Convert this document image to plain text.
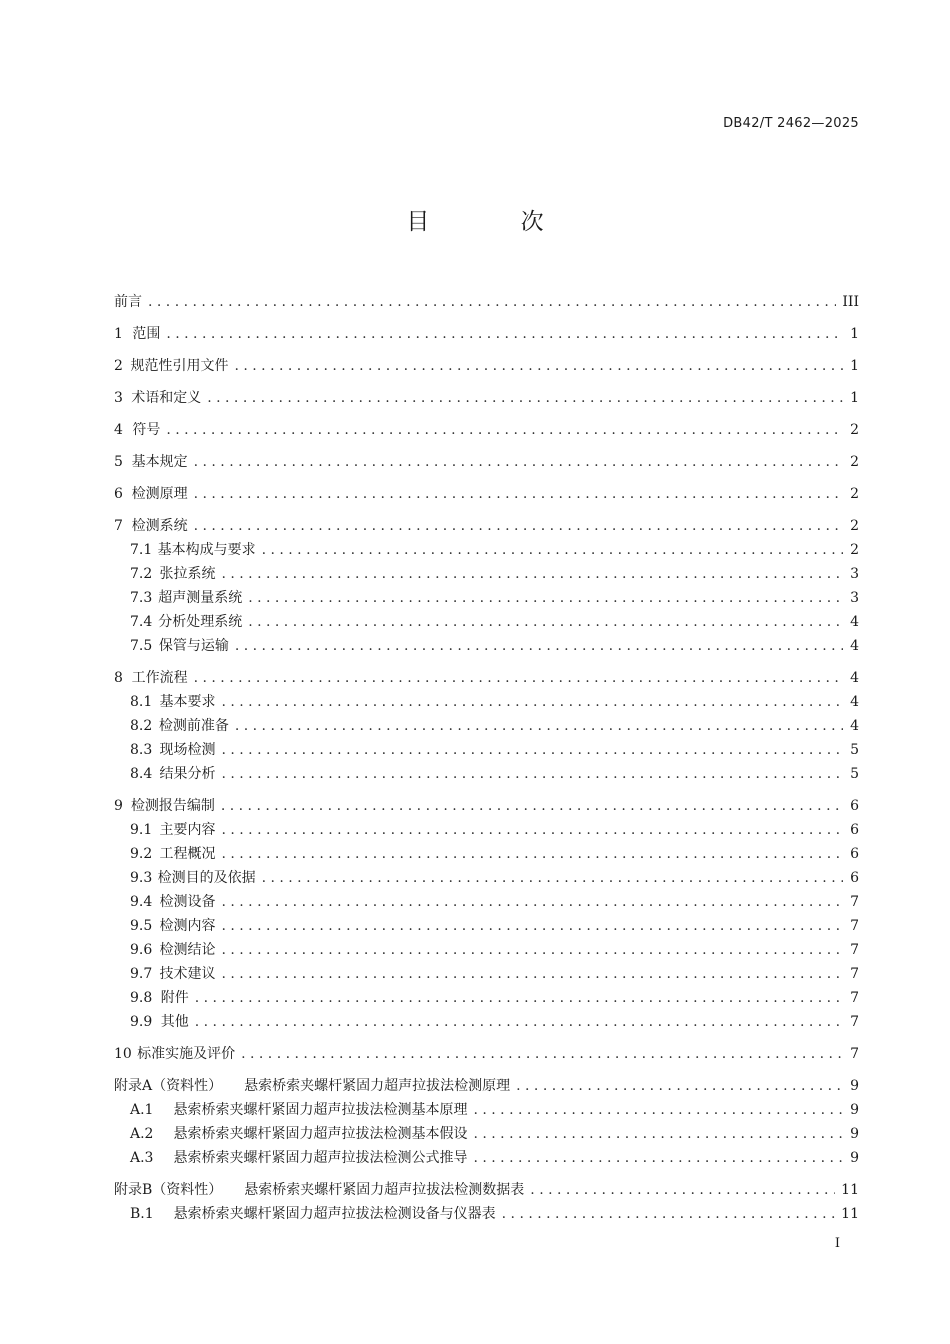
DB42/T 2462—2025
目 次
前言 . . .	III
1 范围 . . .	1
2 规范性引用文件 . . .	1
3 术语和定义 . . .	1
4 符号 . . .	2
5 基本规定 . . .	2
6 检测原理 . . .	2
7 检测系统 . . .	2
7.1 基本构成与要求 . . .	2
7.2 张拉系统 . . .	3
7.3 超声测量系统 . . .	3
7.4 分析处理系统 . . .	4
7.5 保管与运输 . . .	4
8 工作流程 . . .	4
8.1 基本要求 . . .	4
8.2 检测前准备 . . .	4
8.3 现场检测 . . .	5
8.4 结果分析 . . .	5
9 检测报告编制 . . .	6
9.1 主要内容 . . .	6
9.2 工程概况 . . .	6
9.3 检测目的及依据 . . .	6
9.4 检测设备 . . .	7
9.5 检测内容 . . .	7
9.6 检测结论 . . .	7
9.7 技术建议 . . .	7
9.8 附件 . . .	7
9.9 其他 . . .	7
10 标准实施及评价 . . .	7
附录A（资料性） 悬索桥索夹螺杆紧固力超声拉拔法检测原理 . . .	9
A.1 悬索桥索夹螺杆紧固力超声拉拔法检测基本原理 . . .	9
A.2 悬索桥索夹螺杆紧固力超声拉拔法检测基本假设 . . .	9
A.3 悬索桥索夹螺杆紧固力超声拉拔法检测公式推导 . . .	9
附录B（资料性） 悬索桥索夹螺杆紧固力超声拉拔法检测数据表 . . .	11
B.1 悬索桥索夹螺杆紧固力超声拉拔法检测设备与仪器表 . . .	11
I
